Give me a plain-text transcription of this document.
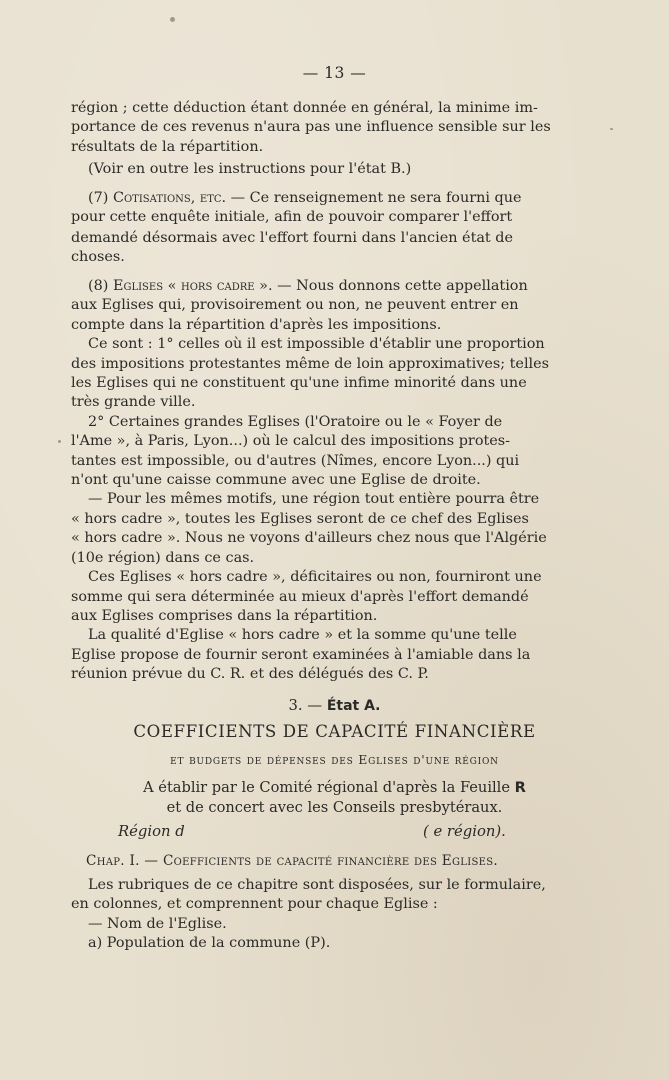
— 13 —

région ; cette déduction étant donnée en général, la minime im-

portance de ces revenus n'aura pas une influence sensible sur les

résultats de la répartition.

(Voir en outre les instructions pour l'état B.)

(7) Cotisations, etc. — Ce renseignement ne sera fourni que

pour cette enquête initiale, afin de pouvoir comparer l'effort

demandé désormais avec l'effort fourni dans l'ancien état de

choses.

(8) Eglises « hors cadre ». — Nous donnons cette appellation

aux Eglises qui, provisoirement ou non, ne peuvent entrer en

compte dans la répartition d'après les impositions.

Ce sont : 1° celles où il est impossible d'établir une proportion

des impositions protestantes même de loin approximatives; telles

les Eglises qui ne constituent qu'une infime minorité dans une

très grande ville.

2° Certaines grandes Eglises (l'Oratoire ou le « Foyer de

l'Ame », à Paris, Lyon...) où le calcul des impositions protes-

tantes est impossible, ou d'autres (Nîmes, encore Lyon...) qui

n'ont qu'une caisse commune avec une Eglise de droite.

— Pour les mêmes motifs, une région tout entière pourra être

« hors cadre », toutes les Eglises seront de ce chef des Eglises

« hors cadre ». Nous ne voyons d'ailleurs chez nous que l'Algérie

(10e région) dans ce cas.

Ces Eglises « hors cadre », déficitaires ou non, fourniront une

somme qui sera déterminée au mieux d'après l'effort demandé

aux Eglises comprises dans la répartition.

La qualité d'Eglise « hors cadre » et la somme qu'une telle

Eglise propose de fournir seront examinées à l'amiable dans la

réunion prévue du C. R. et des délégués des C. P.

3. — État A.
COEFFICIENTS DE CAPACITÉ FINANCIÈRE
et budgets de dépenses des Eglises d'une région
A établir par le Comité régional d'après la Feuille R
et de concert avec les Conseils presbytéraux.
Région d	( e région).
Chap. I. — Coefficients de capacité financière des Eglises.

Les rubriques de ce chapitre sont disposées, sur le formulaire,

en colonnes, et comprennent pour chaque Eglise :

— Nom de l'Eglise.

a) Population de la commune (P).
